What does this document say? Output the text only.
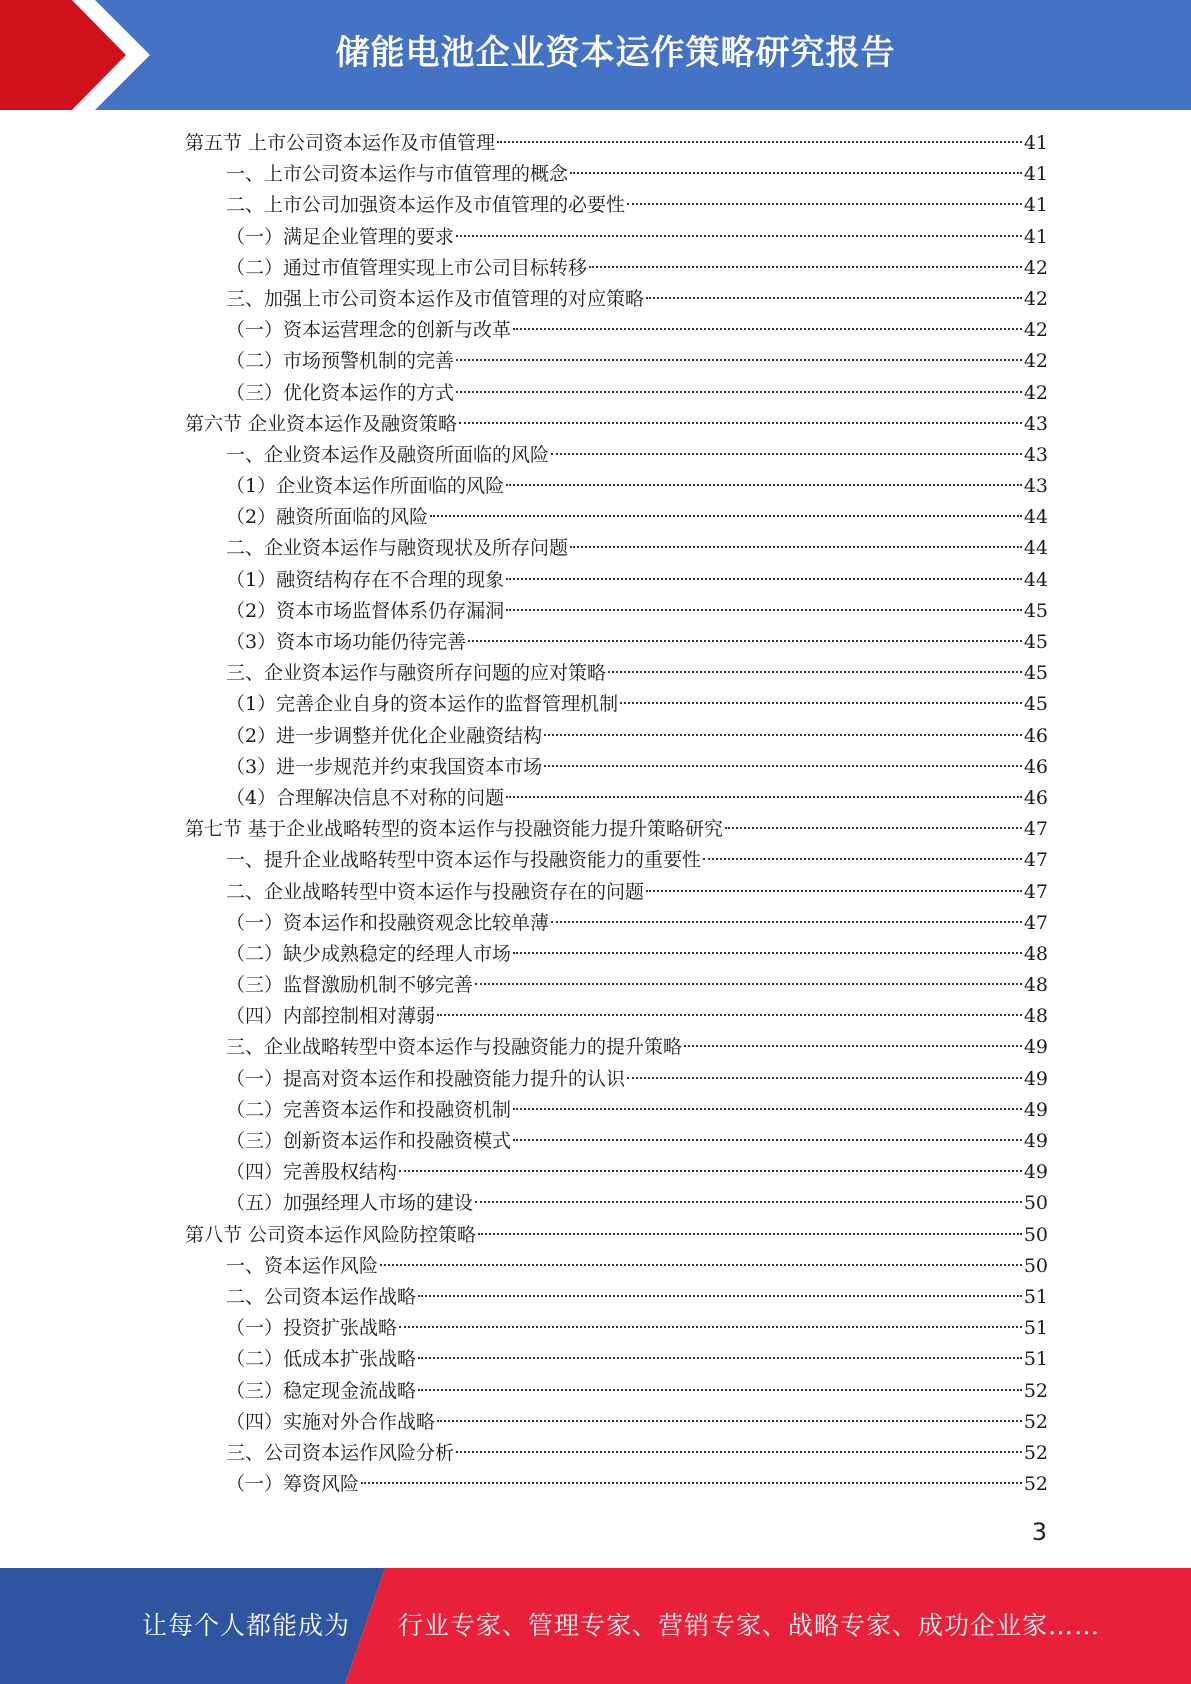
储能电池企业资本运作策略研究报告
第五节 上市公司资本运作及市值管理	41
一、上市公司资本运作与市值管理的概念	41
二、上市公司加强资本运作及市值管理的必要性	41
（一）满足企业管理的要求	41
（二）通过市值管理实现上市公司目标转移	42
三、加强上市公司资本运作及市值管理的对应策略	42
（一）资本运营理念的创新与改革	42
（二）市场预警机制的完善	42
（三）优化资本运作的方式	42
第六节 企业资本运作及融资策略	43
一、企业资本运作及融资所面临的风险	43
（1）企业资本运作所面临的风险	43
（2）融资所面临的风险	44
二、企业资本运作与融资现状及所存问题	44
（1）融资结构存在不合理的现象	44
（2）资本市场监督体系仍存漏洞	45
（3）资本市场功能仍待完善	45
三、企业资本运作与融资所存问题的应对策略	45
（1）完善企业自身的资本运作的监督管理机制	45
（2）进一步调整并优化企业融资结构	46
（3）进一步规范并约束我国资本市场	46
（4）合理解决信息不对称的问题	46
第七节 基于企业战略转型的资本运作与投融资能力提升策略研究	47
一、提升企业战略转型中资本运作与投融资能力的重要性	47
二、企业战略转型中资本运作与投融资存在的问题	47
（一）资本运作和投融资观念比较单薄	47
（二）缺少成熟稳定的经理人市场	48
（三）监督激励机制不够完善	48
（四）内部控制相对薄弱	48
三、企业战略转型中资本运作与投融资能力的提升策略	49
（一）提高对资本运作和投融资能力提升的认识	49
（二）完善资本运作和投融资机制	49
（三）创新资本运作和投融资模式	49
（四）完善股权结构	49
（五）加强经理人市场的建设	50
第八节 公司资本运作风险防控策略	50
一、资本运作风险	50
二、公司资本运作战略	51
（一）投资扩张战略	51
（二）低成本扩张战略	51
（三）稳定现金流战略	52
（四）实施对外合作战略	52
三、公司资本运作风险分析	52
（一）筹资风险	52
3
让每个人都能成为 行业专家、管理专家、营销专家、战略专家、成功企业家……
